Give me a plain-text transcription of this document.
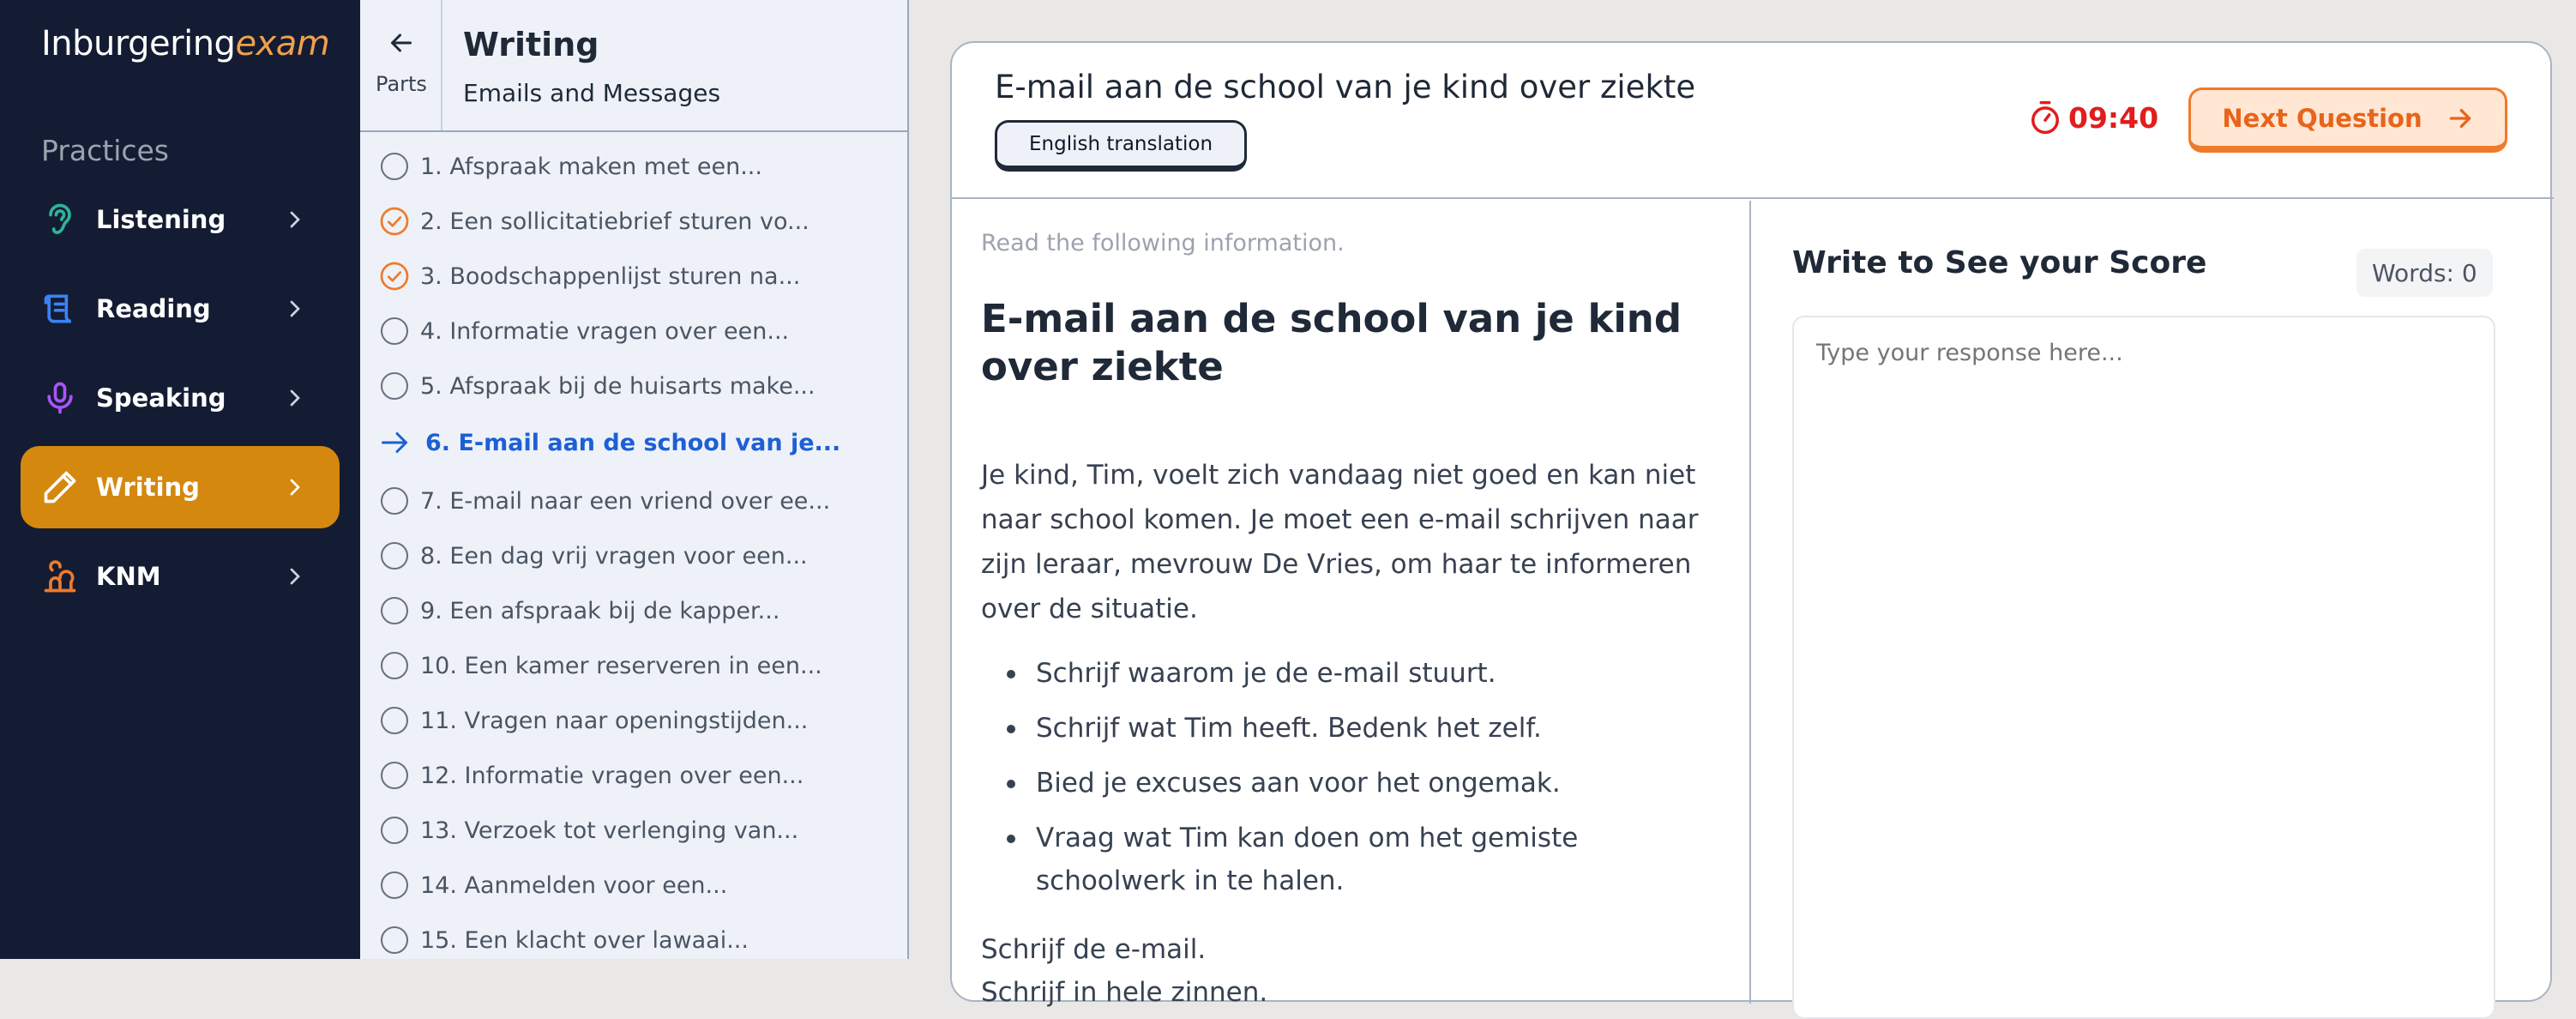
Inburgeringexam
Practices
Listening
Reading
Speaking
Writing
KNM
Parts
Writing
Emails and Messages
1. Afspraak maken met een...
2. Een sollicitatiebrief sturen vo...
3. Boodschappenlijst sturen na...
4. Informatie vragen over een...
5. Afspraak bij de huisarts make...
6. E-mail aan de school van je...
7. E-mail naar een vriend over ee...
8. Een dag vrij vragen voor een...
9. Een afspraak bij de kapper...
10. Een kamer reserveren in een...
11. Vragen naar openingstijden...
12. Informatie vragen over een...
13. Verzoek tot verlenging van...
14. Aanmelden voor een...
15. Een klacht over lawaai...
E-mail aan de school van je kind over ziekte
English translation
09:40	Next Question
Read the following information.
E-mail aan de school van je kind over ziekte
Je kind, Tim, voelt zich vandaag niet goed en kan niet naar school komen. Je moet een e-mail schrijven naar zijn leraar, mevrouw De Vries, om haar te informeren over de situatie.
Schrijf waarom je de e-mail stuurt.
Schrijf wat Tim heeft. Bedenk het zelf.
Bied je excuses aan voor het ongemak.
Vraag wat Tim kan doen om het gemiste schoolwerk in te halen.
Schrijf de e-mail.
Schrijf in hele zinnen.
Write to See your Score	Words: 0
Type your response here...
